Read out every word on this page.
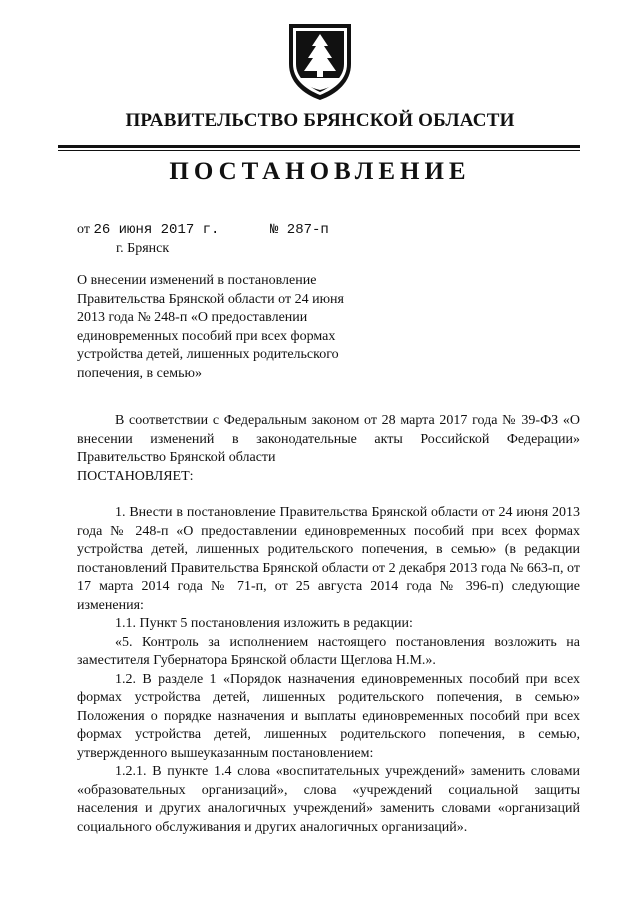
ПРАВИТЕЛЬСТВО БРЯНСКОЙ ОБЛАСТИ
ПОСТАНОВЛЕНИЕ
от 26 июня 2017 г.	№ 287-п
г. Брянск
О внесении изменений в постановление
Правительства Брянской области от 24 июня
2013 года № 248-п «О предоставлении
единовременных пособий при всех формах
устройства детей, лишенных родительского
попечения, в семью»

В соответствии с Федеральным законом от 28 марта 2017 года № 39-ФЗ «О внесении изменений в законодательные акты Российской Федерации» Правительство Брянской области

ПОСТАНОВЛЯЕТ:

1. Внести в постановление Правительства Брянской области от 24 июня 2013 года № 248-п «О предоставлении единовременных пособий при всех формах устройства детей, лишенных родительского попечения, в семью» (в редакции постановлений Правительства Брянской области от 2 декабря 2013 года № 663-п, от 17 марта 2014 года № 71-п, от 25 августа 2014 года № 396-п) следующие изменения:

1.1. Пункт 5 постановления изложить в редакции:

«5. Контроль за исполнением настоящего постановления возложить на заместителя Губернатора Брянской области Щеглова Н.М.».

1.2. В разделе 1 «Порядок назначения единовременных пособий при всех формах устройства детей, лишенных родительского попечения, в семью» Положения о порядке назначения и выплаты единовременных пособий при всех формах устройства детей, лишенных родительского попечения, в семью, утвержденного вышеуказанным постановлением:

1.2.1. В пункте 1.4 слова «воспитательных учреждений» заменить словами «образовательных организаций», слова «учреждений социальной защиты населения и других аналогичных учреждений» заменить словами «организаций социального обслуживания и других аналогичных организаций».
